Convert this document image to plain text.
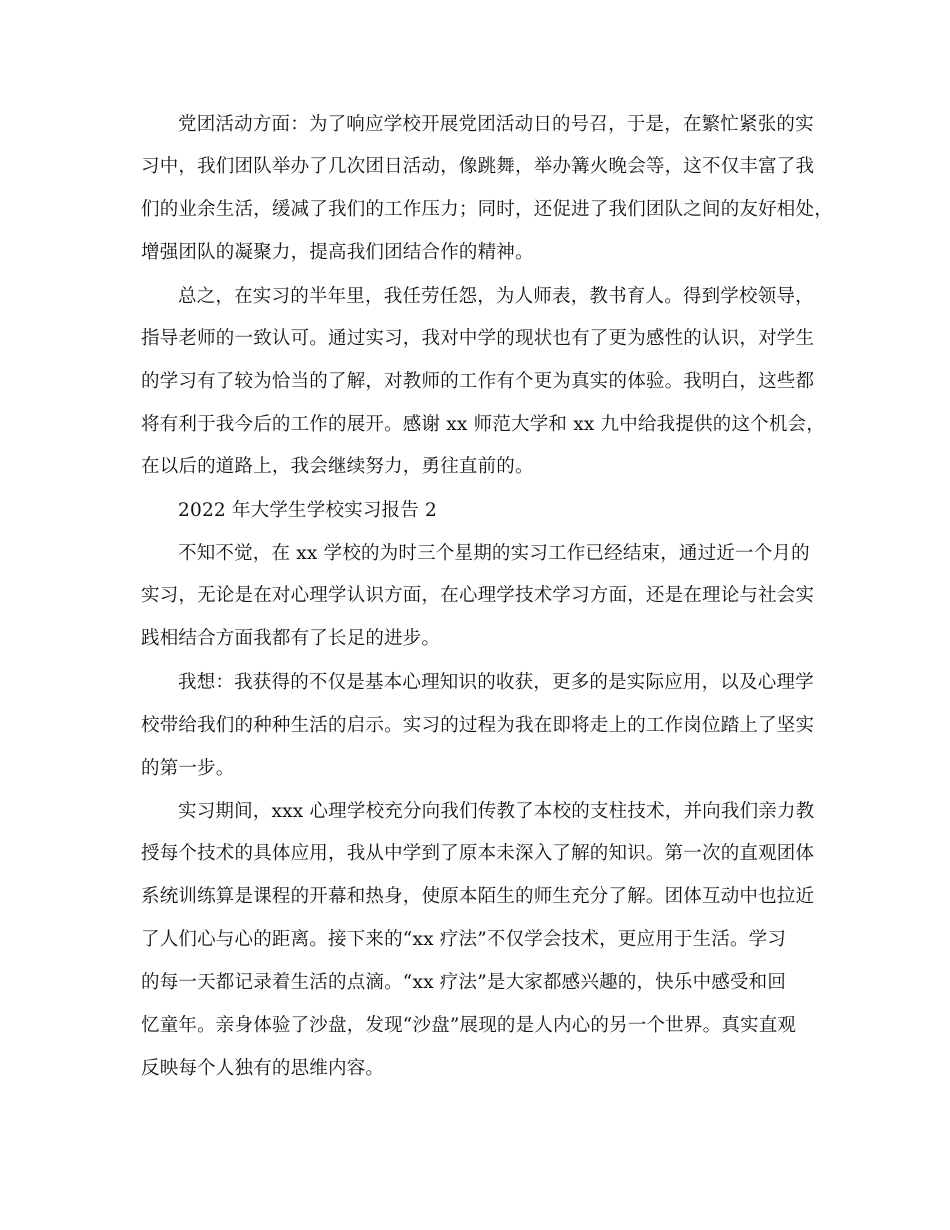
党团活动方面：为了响应学校开展党团活动日的号召，于是，在繁忙紧张的实
习中，我们团队举办了几次团日活动，像跳舞，举办篝火晚会等，这不仅丰富了我
们的业余生活，缓减了我们的工作压力；同时，还促进了我们团队之间的友好相处，
增强团队的凝聚力，提高我们团结合作的精神。
总之，在实习的半年里，我任劳任怨，为人师表，教书育人。得到学校领导，
指导老师的一致认可。通过实习，我对中学的现状也有了更为感性的认识，对学生
的学习有了较为恰当的了解，对教师的工作有个更为真实的体验。我明白，这些都
将有利于我今后的工作的展开。感谢 xx 师范大学和 xx 九中给我提供的这个机会，
在以后的道路上，我会继续努力，勇往直前的。
2022 年大学生学校实习报告 2
不知不觉，在 xx 学校的为时三个星期的实习工作已经结束，通过近一个月的
实习，无论是在对心理学认识方面，在心理学技术学习方面，还是在理论与社会实
践相结合方面我都有了长足的进步。
我想：我获得的不仅是基本心理知识的收获，更多的是实际应用，以及心理学
校带给我们的种种生活的启示。实习的过程为我在即将走上的工作岗位踏上了坚实
的第一步。
实习期间，xxx 心理学校充分向我们传教了本校的支柱技术，并向我们亲力教
授每个技术的具体应用，我从中学到了原本未深入了解的知识。第一次的直观团体
系统训练算是课程的开幕和热身，使原本陌生的师生充分了解。团体互动中也拉近
了人们心与心的距离。接下来的“xx 疗法”不仅学会技术，更应用于生活。学习
的每一天都记录着生活的点滴。“xx 疗法”是大家都感兴趣的，快乐中感受和回
忆童年。亲身体验了沙盘，发现“沙盘”展现的是人内心的另一个世界。真实直观
反映每个人独有的思维内容。
